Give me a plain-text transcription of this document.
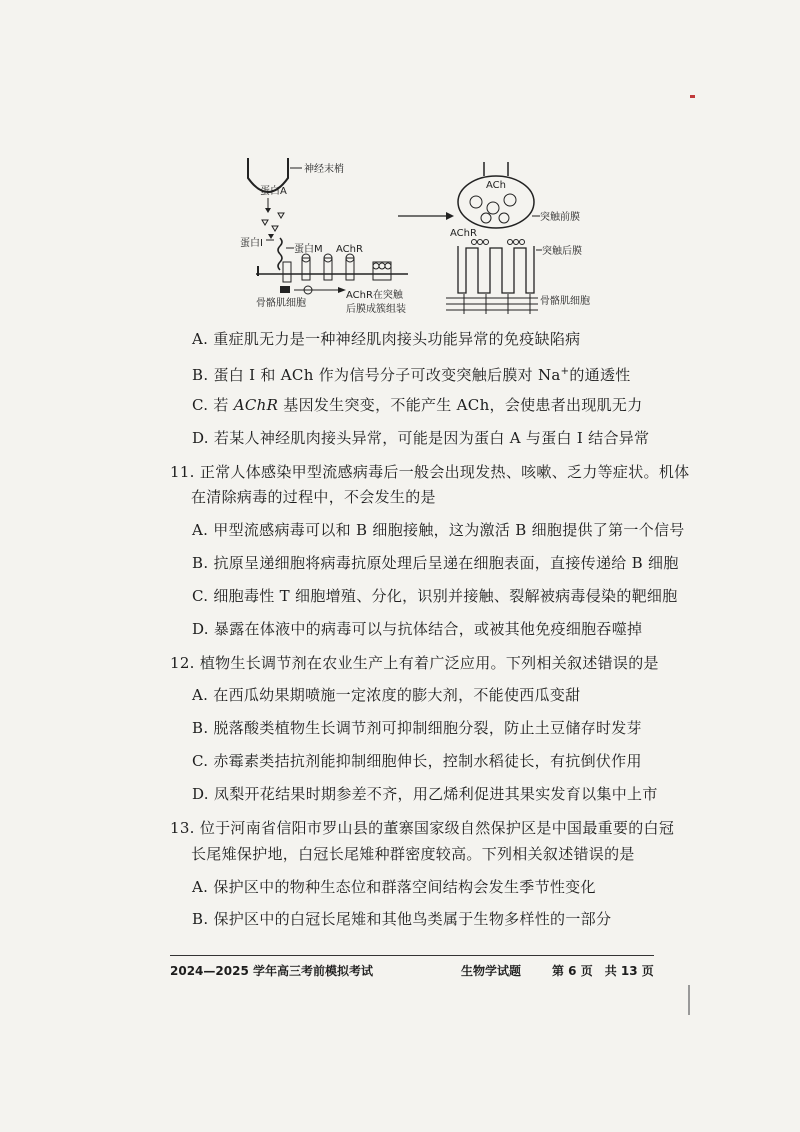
神经末梢
蛋白A
蛋白I
蛋白M AChR
骨骼肌细胞
AChR在突触
后膜成簇组装
ACh
突触前膜
AChR
突触后膜
骨骼肌细胞
A. 重症肌无力是一种神经肌肉接头功能异常的免疫缺陷病
B. 蛋白 I 和 ACh 作为信号分子可改变突触后膜对 Na+的通透性
C. 若 AChR 基因发生突变，不能产生 ACh，会使患者出现肌无力
D. 若某人神经肌肉接头异常，可能是因为蛋白 A 与蛋白 I 结合异常
11. 正常人体感染甲型流感病毒后一般会出现发热、咳嗽、乏力等症状。机体
在清除病毒的过程中，不会发生的是
A. 甲型流感病毒可以和 B 细胞接触，这为激活 B 细胞提供了第一个信号
B. 抗原呈递细胞将病毒抗原处理后呈递在细胞表面，直接传递给 B 细胞
C. 细胞毒性 T 细胞增殖、分化，识别并接触、裂解被病毒侵染的靶细胞
D. 暴露在体液中的病毒可以与抗体结合，或被其他免疫细胞吞噬掉
12. 植物生长调节剂在农业生产上有着广泛应用。下列相关叙述错误的是
A. 在西瓜幼果期喷施一定浓度的膨大剂，不能使西瓜变甜
B. 脱落酸类植物生长调节剂可抑制细胞分裂，防止土豆储存时发芽
C. 赤霉素类拮抗剂能抑制细胞伸长，控制水稻徒长，有抗倒伏作用
D. 凤梨开花结果时期参差不齐，用乙烯利促进其果实发育以集中上市
13. 位于河南省信阳市罗山县的董寨国家级自然保护区是中国最重要的白冠
长尾雉保护地，白冠长尾雉种群密度较高。下列相关叙述错误的是
A. 保护区中的物种生态位和群落空间结构会发生季节性变化
B. 保护区中的白冠长尾雉和其他鸟类属于生物多样性的一部分
2024—2025 学年高三考前模拟考试	生物学试题	第 6 页　共 13 页
